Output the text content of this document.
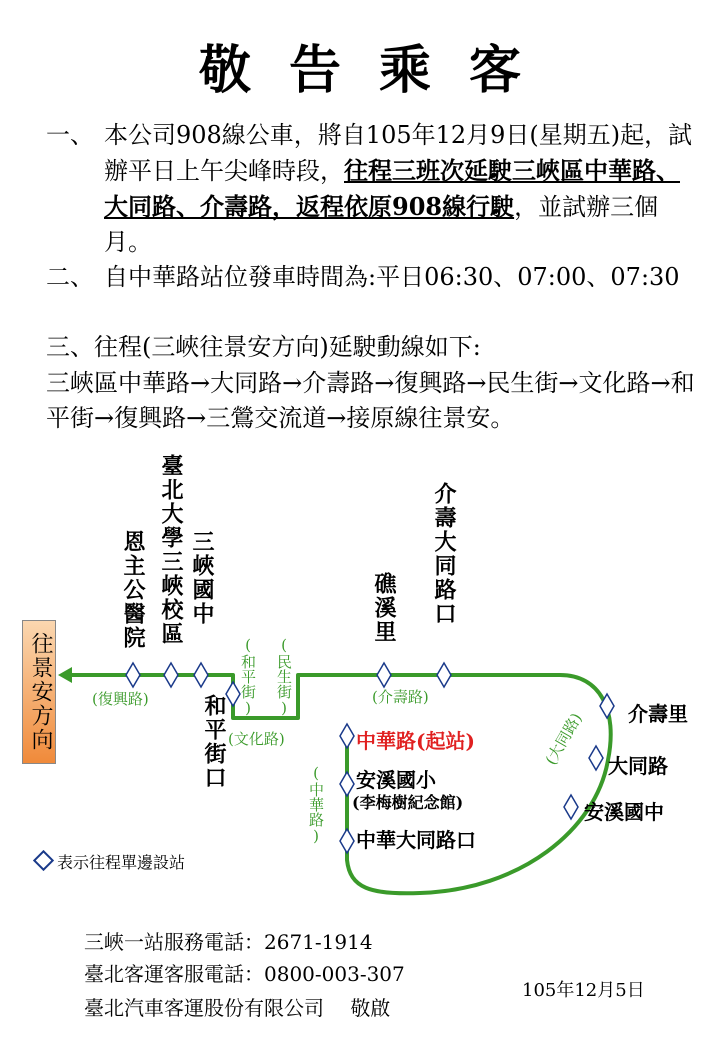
敬告乘客
一、 本公司908線公車，將自105年12月9日(星期五)起，試辦平日上午尖峰時段，往程三班次延駛三峽區中華路、大同路、介壽路，返程依原908線行駛，並試辦三個月。
二、 自中華路站位發車時間為:平日06:30、07:00、07:30
三、往程(三峽往景安方向)延駛動線如下:
三峽區中華路→大同路→介壽路→復興路→民生街→文化路→和平街→復興路→三鶯交流道→接原線往景安。
往景安方向
恩主公醫院 臺北大學三峽校區 三峽國中
和平街口
礁溪里 介壽大同路口
介壽里
大同路
安溪國中
中華路(起站)
安溪國小
(李梅樹紀念館)
中華大同路口
(復興路)	(和平街) (民生街)
(文化路)
(介壽路)
(中華路)
(大同路)
表示往程單邊設站
三峽一站服務電話：2671-1914
臺北客運客服電話：0800-003-307
臺北汽車客運股份有限公司　 敬啟
105年12月5日
